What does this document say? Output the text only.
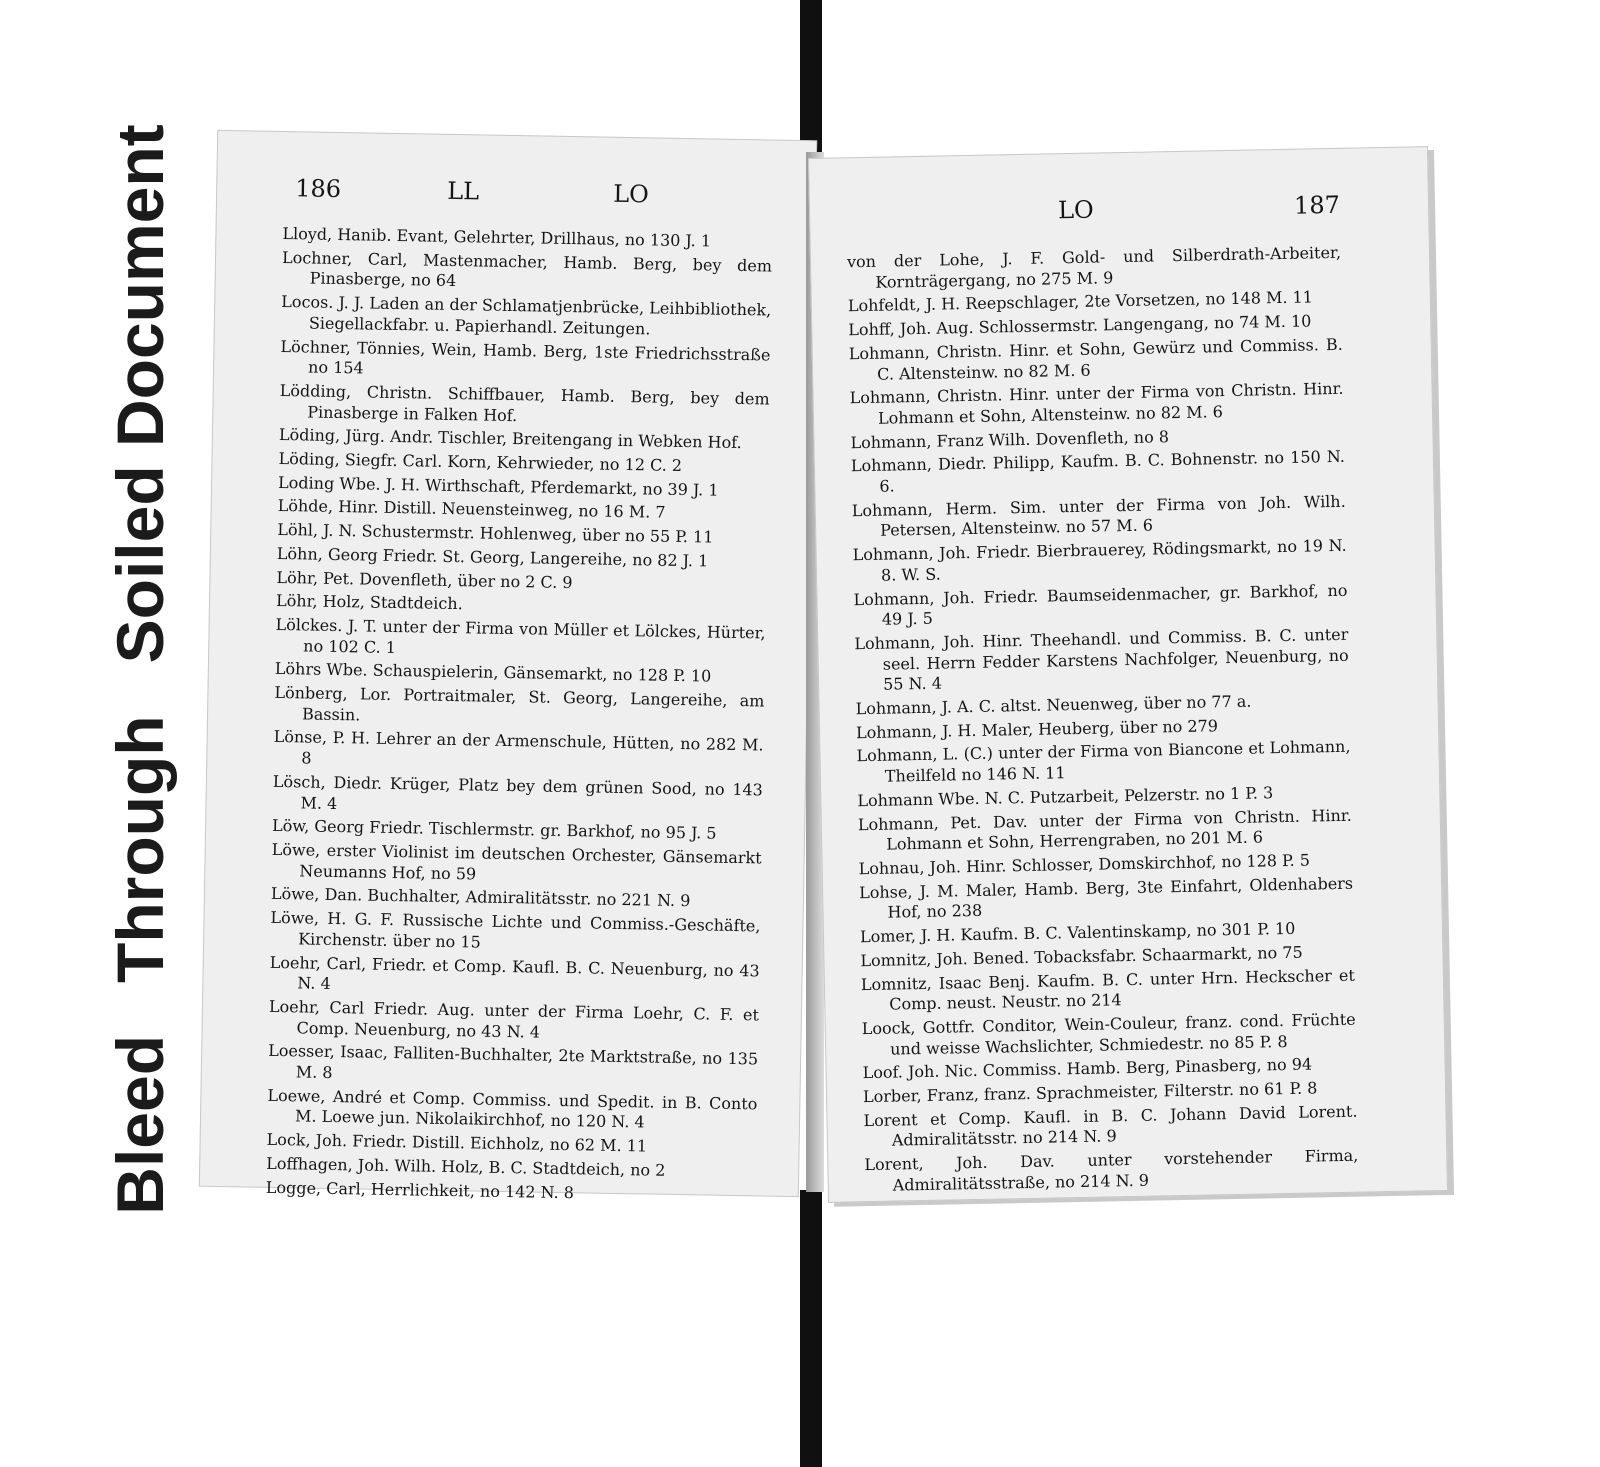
Bleed
Through
Soiled Document	186	LL	LO
Lloyd, Hanib. Evant, Gelehrter, Drillhaus, no 130 J. 1
Lochner, Carl, Mastenmacher, Hamb. Berg, bey dem Pinasberge, no 64
Locos. J. J. Laden an der Schlamatjenbrücke, Leihbibliothek, Siegellackfabr. u. Papierhandl. Zeitungen.
Löchner, Tönnies, Wein, Hamb. Berg, 1ste Friedrichsstraße no 154
Lödding, Christn. Schiffbauer, Hamb. Berg, bey dem Pinasberge in Falken Hof.
Löding, Jürg. Andr. Tischler, Breitengang in Webken Hof.
Löding, Siegfr. Carl. Korn, Kehrwieder, no 12 C. 2
Loding Wbe. J. H. Wirthschaft, Pferdemarkt, no 39 J. 1
Löhde, Hinr. Distill. Neuensteinweg, no 16 M. 7
Löhl, J. N. Schustermstr. Hohlenweg, über no 55 P. 11
Löhn, Georg Friedr. St. Georg, Langereihe, no 82 J. 1
Löhr, Pet. Dovenfleth, über no 2 C. 9
Löhr, Holz, Stadtdeich.
Lölckes. J. T. unter der Firma von Müller et Lölckes, Hürter, no 102 C. 1
Löhrs Wbe. Schauspielerin, Gänsemarkt, no 128 P. 10
Lönberg, Lor. Portraitmaler, St. Georg, Langereihe, am Bassin.
Lönse, P. H. Lehrer an der Armenschule, Hütten, no 282 M. 8
Lösch, Diedr. Krüger, Platz bey dem grünen Sood, no 143 M. 4
Löw, Georg Friedr. Tischlermstr. gr. Barkhof, no 95 J. 5
Löwe, erster Violinist im deutschen Orchester, Gänsemarkt Neumanns Hof, no 59
Löwe, Dan. Buchhalter, Admiralitätsstr. no 221 N. 9
Löwe, H. G. F. Russische Lichte und Commiss.-Geschäfte, Kirchenstr. über no 15
Loehr, Carl, Friedr. et Comp. Kaufl. B. C. Neuenburg, no 43 N. 4
Loehr, Carl Friedr. Aug. unter der Firma Loehr, C. F. et Comp. Neuenburg, no 43 N. 4
Loesser, Isaac, Falliten-Buchhalter, 2te Marktstraße, no 135 M. 8
Loewe, André et Comp. Commiss. und Spedit. in B. Conto M. Loewe jun. Nikolaikirchhof, no 120 N. 4
Lock, Joh. Friedr. Distill. Eichholz, no 62 M. 11
Loffhagen, Joh. Wilh. Holz, B. C. Stadtdeich, no 2
Logge, Carl, Herrlichkeit, no 142 N. 8
LO	187
von der Lohe, J. F. Gold- und Silberdrath-Arbeiter, Kornträgergang, no 275 M. 9
Lohfeldt, J. H. Reepschlager, 2te Vorsetzen, no 148 M. 11
Lohff, Joh. Aug. Schlossermstr. Langengang, no 74 M. 10
Lohmann, Christn. Hinr. et Sohn, Gewürz und Commiss. B. C. Altensteinw. no 82 M. 6
Lohmann, Christn. Hinr. unter der Firma von Christn. Hinr. Lohmann et Sohn, Altensteinw. no 82 M. 6
Lohmann, Franz Wilh. Dovenfleth, no 8
Lohmann, Diedr. Philipp, Kaufm. B. C. Bohnenstr. no 150 N. 6.
Lohmann, Herm. Sim. unter der Firma von Joh. Wilh. Petersen, Altensteinw. no 57 M. 6
Lohmann, Joh. Friedr. Bierbrauerey, Rödingsmarkt, no 19 N. 8. W. S.
Lohmann, Joh. Friedr. Baumseidenmacher, gr. Barkhof, no 49 J. 5
Lohmann, Joh. Hinr. Theehandl. und Commiss. B. C. unter seel. Herrn Fedder Karstens Nachfolger, Neuenburg, no 55 N. 4
Lohmann, J. A. C. altst. Neuenweg, über no 77 a.
Lohmann, J. H. Maler, Heuberg, über no 279
Lohmann, L. (C.) unter der Firma von Biancone et Lohmann, Theilfeld no 146 N. 11
Lohmann Wbe. N. C. Putzarbeit, Pelzerstr. no 1 P. 3
Lohmann, Pet. Dav. unter der Firma von Christn. Hinr. Lohmann et Sohn, Herrengraben, no 201 M. 6
Lohnau, Joh. Hinr. Schlosser, Domskirchhof, no 128 P. 5
Lohse, J. M. Maler, Hamb. Berg, 3te Einfahrt, Oldenhabers Hof, no 238
Lomer, J. H. Kaufm. B. C. Valentinskamp, no 301 P. 10
Lomnitz, Joh. Bened. Tobacksfabr. Schaarmarkt, no 75
Lomnitz, Isaac Benj. Kaufm. B. C. unter Hrn. Heckscher et Comp. neust. Neustr. no 214
Loock, Gottfr. Conditor, Wein-Couleur, franz. cond. Früchte und weisse Wachslichter, Schmiedestr. no 85 P. 8
Loof. Joh. Nic. Commiss. Hamb. Berg, Pinasberg, no 94
Lorber, Franz, franz. Sprachmeister, Filterstr. no 61 P. 8
Lorent et Comp. Kaufl. in B. C. Johann David Lorent. Admiralitätsstr. no 214 N. 9
Lorent, Joh. Dav. unter vorstehender Firma, Admiralitätsstraße, no 214 N. 9
